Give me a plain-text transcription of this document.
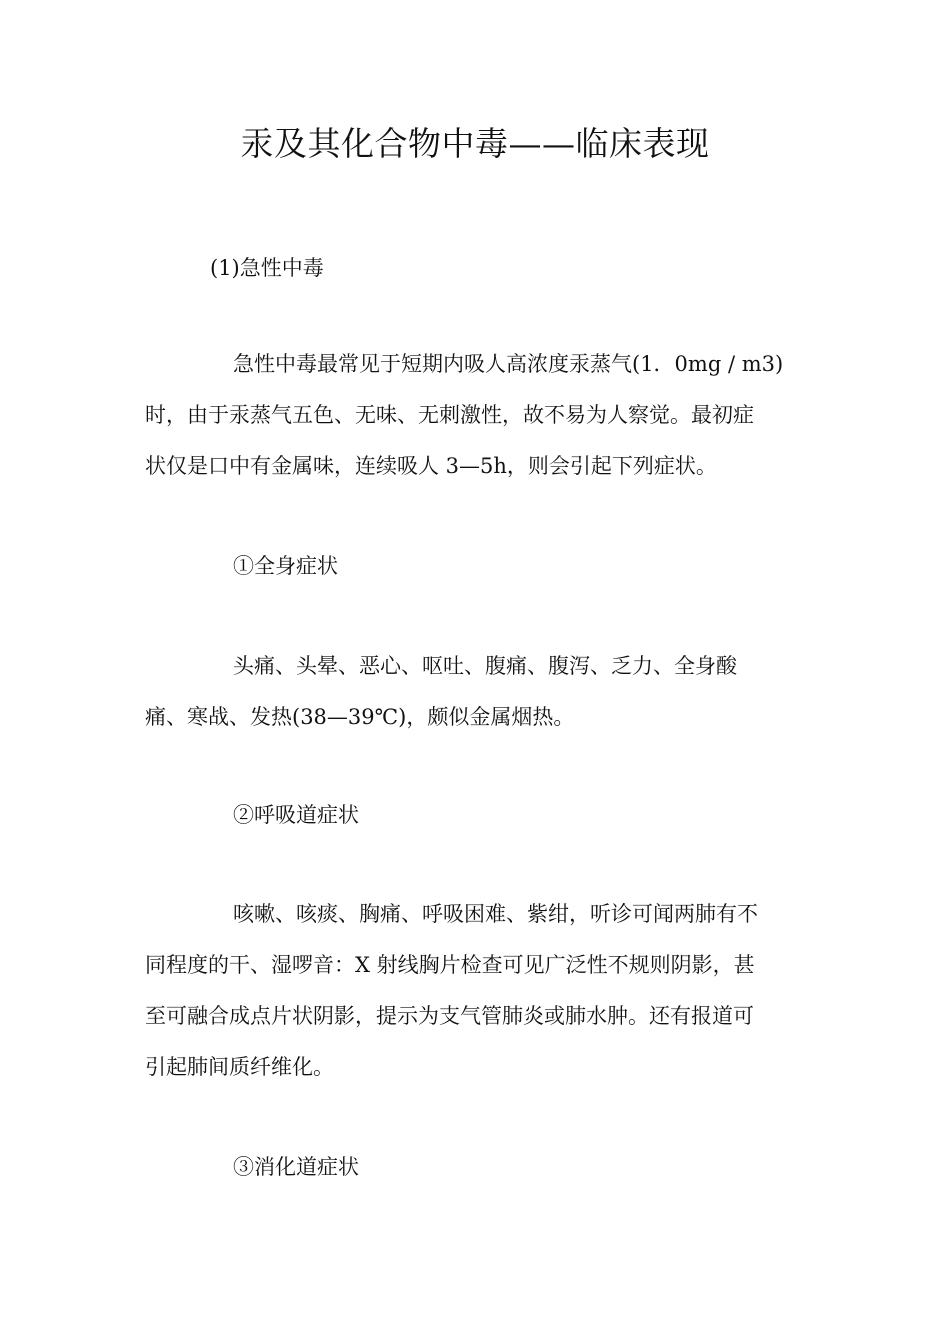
汞及其化合物中毒——临床表现
(1)急性中毒
急性中毒最常见于短期内吸人高浓度汞蒸气(1．0mg / m3)
时，由于汞蒸气五色、无味、无刺激性，故不易为人察觉。最初症
状仅是口中有金属味，连续吸人 3—5h，则会引起下列症状。
①全身症状
头痛、头晕、恶心、呕吐、腹痛、腹泻、乏力、全身酸
痛、寒战、发热(38—39℃)，颇似金属烟热。
②呼吸道症状
咳嗽、咳痰、胸痛、呼吸困难、紫绀，听诊可闻两肺有不
同程度的干、湿啰音：X 射线胸片检查可见广泛性不规则阴影，甚
至可融合成点片状阴影，提示为支气管肺炎或肺水肿。还有报道可
引起肺间质纤维化。
③消化道症状
